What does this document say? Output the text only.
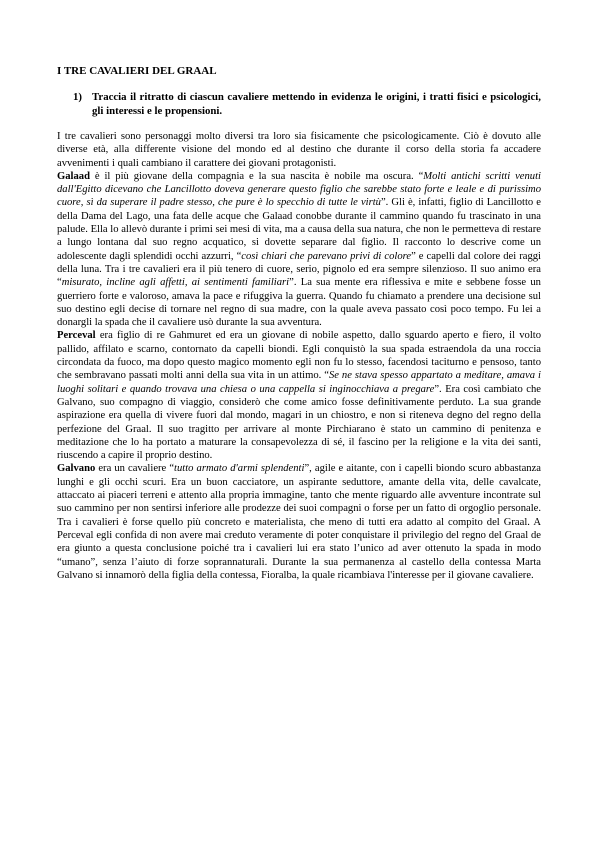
I TRE CAVALIERI DEL GRAAL
1) Traccia il ritratto di ciascun cavaliere mettendo in evidenza le origini, i tratti fisici e psicologici, gli interessi e le propensioni.

I tre cavalieri sono personaggi molto diversi tra loro sia fisicamente che psicologicamente. Ciò è dovuto alle diverse età, alla differente visione del mondo ed al destino che durante il corso della storia fa accadere avvenimenti i quali cambiano il carattere dei giovani protagonisti.

Galaad è il più giovane della compagnia e la sua nascita è nobile ma oscura. “Molti antichi scritti venuti dall'Egitto dicevano che Lancillotto doveva generare questo figlio che sarebbe stato forte e leale e di purissimo cuore, sì da superare il padre stesso, che pure è lo specchio di tutte le virtù”. Gli è, infatti, figlio di Lancillotto e della Dama del Lago, una fata delle acque che Galaad conobbe durante il cammino quando fu trascinato in una palude. Ella lo allevò durante i primi sei mesi di vita, ma a causa della sua natura, che non le permetteva di restare a lungo lontana dal suo regno acquatico, si dovette separare dal figlio. Il racconto lo descrive come un adolescente dagli splendidi occhi azzurri, “così chiari che parevano privi di colore” e capelli dal colore dei raggi della luna. Tra i tre cavalieri era il più tenero di cuore, serio, pignolo ed era sempre silenzioso. Il suo animo era “misurato, incline agli affetti, ai sentimenti familiari”. La sua mente era riflessiva e mite e sebbene fosse un guerriero forte e valoroso, amava la pace e rifuggiva la guerra. Quando fu chiamato a prendere una decisione sul suo destino egli decise di tornare nel regno di sua madre, con la quale aveva passato così poco tempo. Fu lei a donargli la spada che il cavaliere usò durante la sua avventura.

Perceval era figlio di re Gahmuret ed era un giovane di nobile aspetto, dallo sguardo aperto e fiero, il volto pallido, affilato e scarno, contornato da capelli biondi. Egli conquistò la sua spada estraendola da una roccia circondata da fuoco, ma dopo questo magico momento egli non fu lo stesso, facendosi taciturno e pensoso, tanto che sembravano passati molti anni della sua vita in un attimo. “Se ne stava spesso appartato a meditare, amava i luoghi solitari e quando trovava una chiesa o una cappella si inginocchiava a pregare”. Era così cambiato che Galvano, suo compagno di viaggio, considerò che come amico fosse definitivamente perduto. La sua grande aspirazione era quella di vivere fuori dal mondo, magari in un chiostro, e non si riteneva degno del regno della perfezione del Graal. Il suo tragitto per arrivare al monte Pirchiarano è stato un cammino di penitenza e meditazione che lo ha portato a maturare la consapevolezza di sé, il fascino per la religione e la vita dei santi, riuscendo a capire il proprio destino.

Galvano era un cavaliere “tutto armato d'armi splendenti”, agile e aitante, con i capelli biondo scuro abbastanza lunghi e gli occhi scuri. Era un buon cacciatore, un aspirante seduttore, amante della vita, delle cavalcate, attaccato ai piaceri terreni e attento alla propria immagine, tanto che mente riguardo alle avventure incontrate sul suo cammino per non sentirsi inferiore alle prodezze dei suoi compagni o forse per un fatto di orgoglio personale. Tra i cavalieri è forse quello più concreto e materialista, che meno di tutti era adatto al compito del Graal. A Perceval egli confida di non avere mai creduto veramente di poter conquistare il privilegio del regno del Graal de era giunto a questa conclusione poiché tra i cavalieri lui era stato l’unico ad aver ottenuto la spada in modo “umano”, senza l’aiuto di forze soprannaturali. Durante la sua permanenza al castello della contessa Marta Galvano si innamorò della figlia della contessa, Fioralba, la quale ricambiava l'interesse per il giovane cavaliere.
